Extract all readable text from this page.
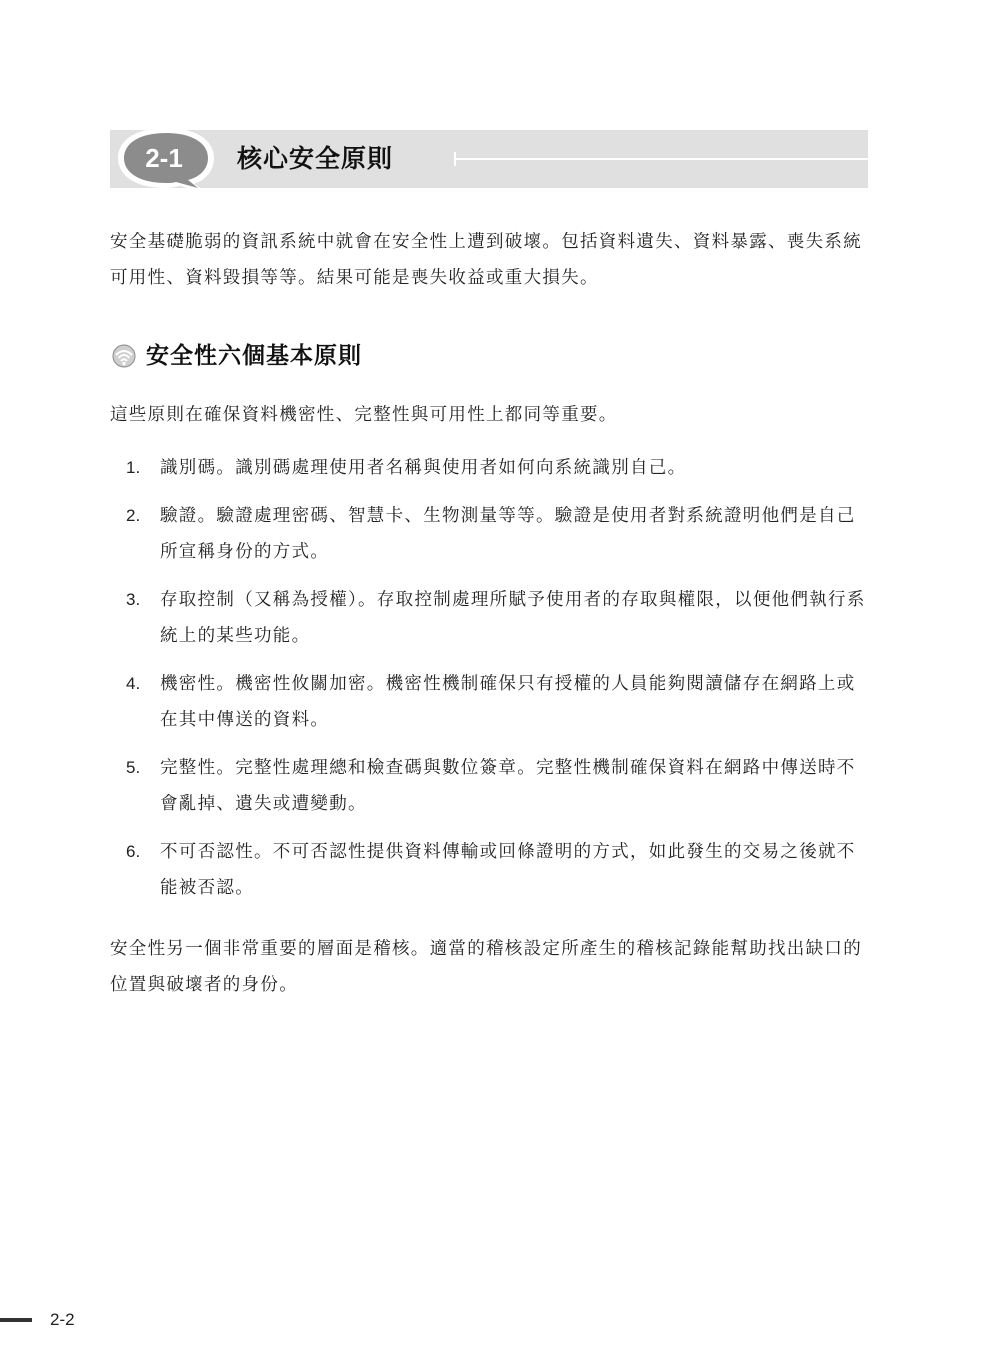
2-1	核心安全原則

安全基礎脆弱的資訊系統中就會在安全性上遭到破壞。包括資料遺失、資料暴露、喪失系統可用性、資料毀損等等。結果可能是喪失收益或重大損失。

安全性六個基本原則

這些原則在確保資料機密性、完整性與可用性上都同等重要。

1. 識別碼。識別碼處理使用者名稱與使用者如何向系統識別自己。
2. 驗證。驗證處理密碼、智慧卡、生物測量等等。驗證是使用者對系統證明他們是自己所宣稱身份的方式。
3. 存取控制（又稱為授權）。存取控制處理所賦予使用者的存取與權限，以便他們執行系統上的某些功能。
4. 機密性。機密性攸關加密。機密性機制確保只有授權的人員能夠閱讀儲存在網路上或在其中傳送的資料。
5. 完整性。完整性處理總和檢查碼與數位簽章。完整性機制確保資料在網路中傳送時不會亂掉、遺失或遭變動。
6. 不可否認性。不可否認性提供資料傳輸或回條證明的方式，如此發生的交易之後就不能被否認。

安全性另一個非常重要的層面是稽核。適當的稽核設定所產生的稽核記錄能幫助找出缺口的位置與破壞者的身份。

2-2
